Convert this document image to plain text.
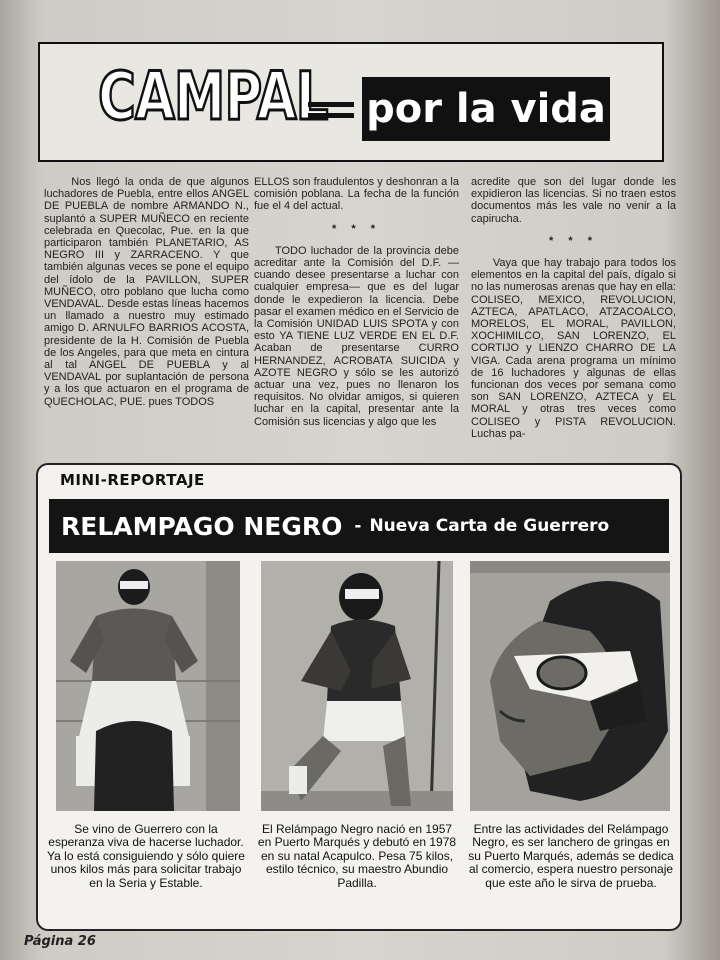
CAMPAL por la vida
Nos llegó la onda de que algunos luchadores de Puebla, entre ellos ANGEL DE PUEBLA de nombre ARMANDO N., suplantó a SUPER MUÑECO en reciente celebrada en Quecolac, Pue. en la que participaron también PLANETARIO, AS NEGRO III y ZARRACENO. Y que también algunas veces se pone el equipo del ídolo de la PAVILLON, SUPER MUÑECO, otro poblano que lucha como VENDAVAL. Desde estas líneas hacemos un llamado a nuestro muy estimado amigo D. ARNULFO BARRIOS ACOSTA, presidente de la H. Comisión de Puebla de los Angeles, para que meta en cintura al tal ANGEL DE PUEBLA y al VENDAVAL por suplantación de persona y a los que actuaron en el programa de QUECHOLAC, PUE. pues TODOS
ELLOS son fraudulentos y deshonran a la comisión poblana. La fecha de la función fue el 4 del actual.
* * *
TODO luchador de la provincia debe acreditar ante la Comisión del D.F. —cuando desee presentarse a luchar con cualquier empresa— que es del lugar donde le expedieron la licencia. Debe pasar el examen médico en el Servicio de la Comisión UNIDAD LUIS SPOTA y con esto YA TIENE LUZ VERDE EN EL D.F. Acaban de presentarse CURRO HERNANDEZ, ACROBATA SUICIDA y AZOTE NEGRO y sólo se les autorizó actuar una vez, pues no llenaron los requisitos. No olvidar amigos, si quieren luchar en la capital, presentar ante la Comisión sus licencias y algo que les
acredite que son del lugar donde les expidieron las licencias. Si no traen estos documentos más les vale no venir a la capirucha.
* * *
Vaya que hay trabajo para todos los elementos en la capital del país, dígalo si no las numerosas arenas que hay en ella: COLISEO, MEXICO, REVOLUCION, AZTECA, APATLACO, ATZACOALCO, MORELOS, EL MORAL, PAVILLON, XOCHIMILCO, SAN LORENZO, EL CORTIJO y LIENZO CHARRO DE LA VIGA. Cada arena programa un mínimo de 16 luchadores y algunas de ellas funcionan dos veces por semana como son SAN LORENZO, AZTECA y EL MORAL y otras tres veces como COLISEO y PISTA REVOLUCION. Luchas pa-
MINI-REPORTAJE
RELAMPAGO NEGRO - Nueva Carta de Guerrero
Se vino de Guerrero con la esperanza viva de hacerse luchador. Ya lo está consiguiendo y sólo quiere unos kilos más para solicitar trabajo en la Seria y Estable.
El Relámpago Negro nació en 1957 en Puerto Marqués y debutó en 1978 en su natal Acapulco. Pesa 75 kilos, estilo técnico, su maestro Abundio Padilla.
Entre las actividades del Relámpago Negro, es ser lanchero de gringas en su Puerto Marqués, además se dedica al comercio, espera nuestro personaje que este año le sirva de prueba.
Página 26
